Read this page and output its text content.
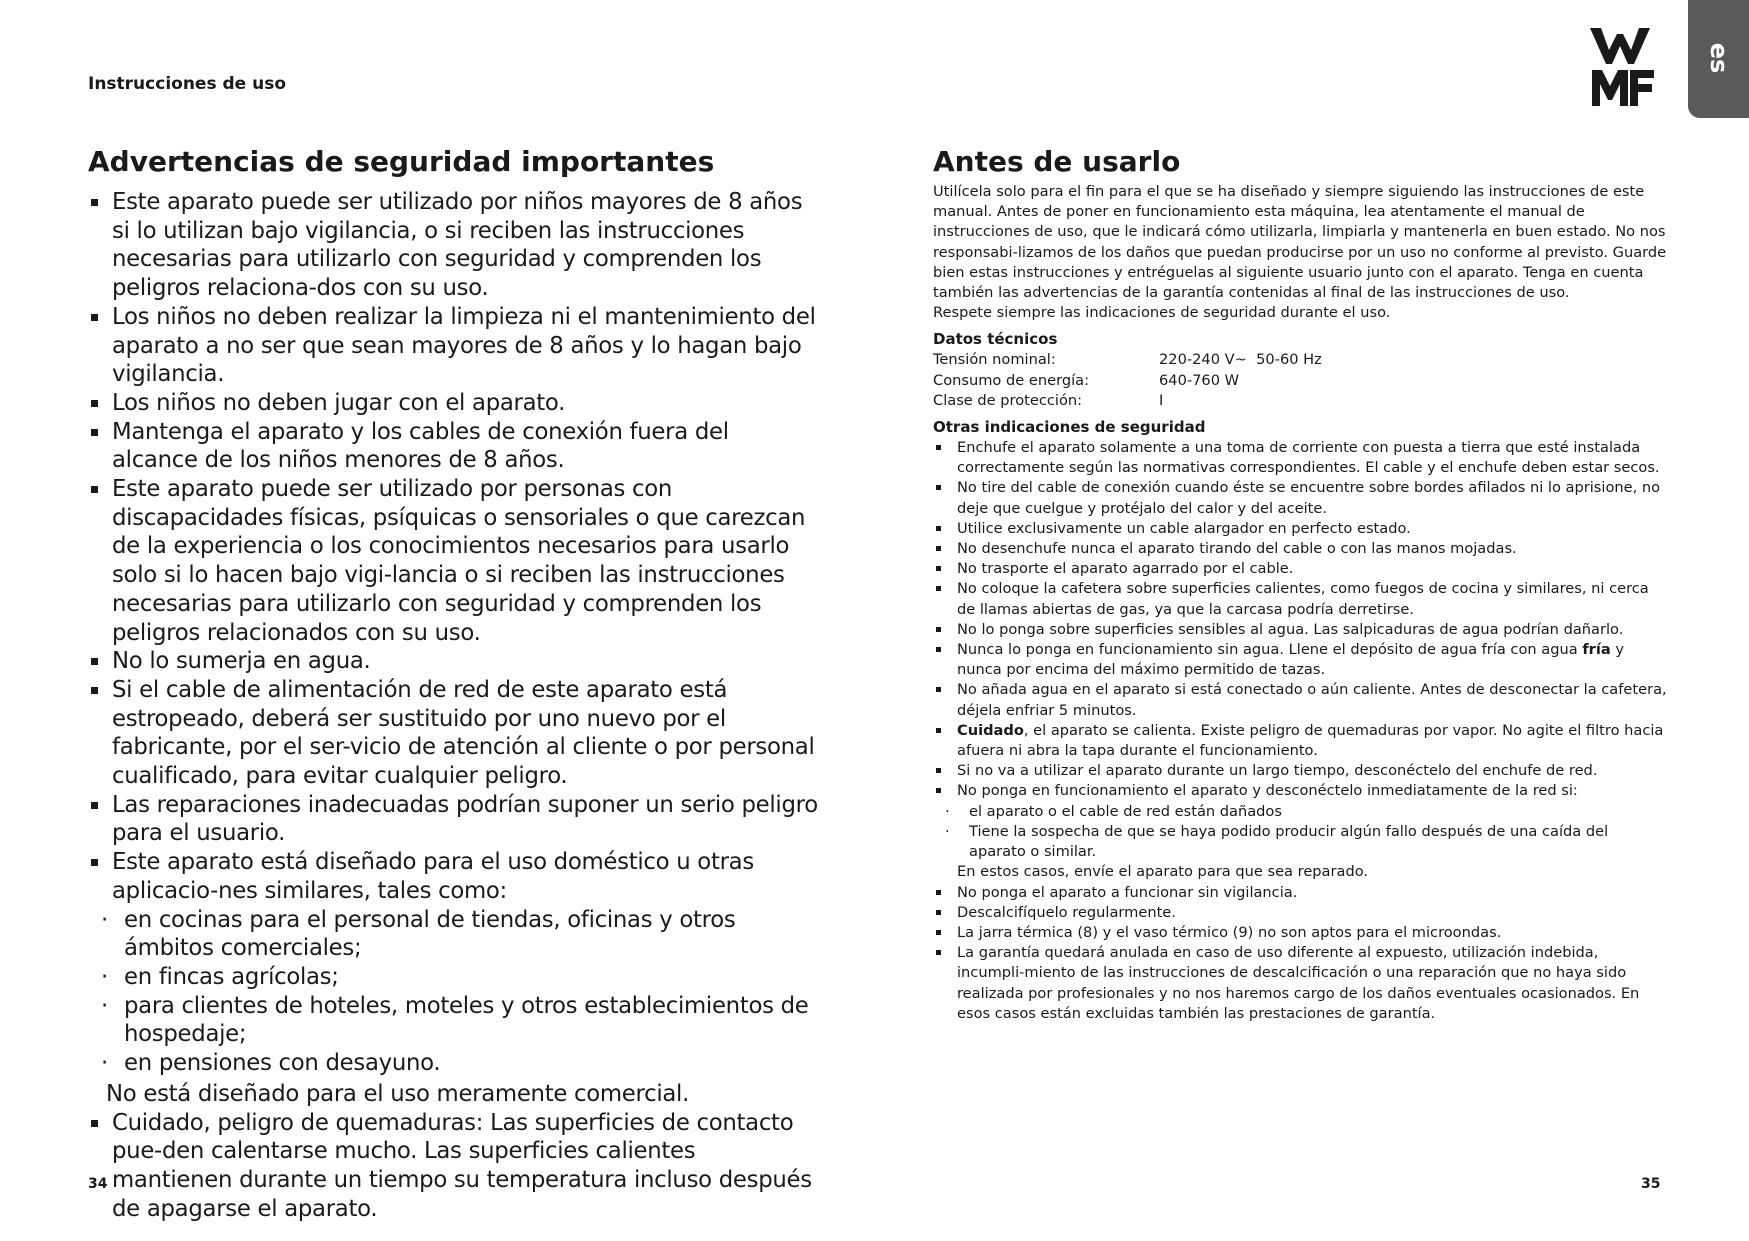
Instrucciones de uso
es
Advertencias de seguridad importantes
Este aparato puede ser utilizado por niños mayores de 8 años si lo utilizan bajo vigilancia, o si reciben las instrucciones necesarias para utilizarlo con seguridad y comprenden los peligros relaciona-dos con su uso.
Los niños no deben realizar la limpieza ni el mantenimiento del aparato a no ser que sean mayores de 8 años y lo hagan bajo vigilancia.
Los niños no deben jugar con el aparato.
Mantenga el aparato y los cables de conexión fuera del alcance de los niños menores de 8 años.
Este aparato puede ser utilizado por personas con discapacidades físicas, psíquicas o sensoriales o que carezcan de la experiencia o los conocimientos necesarios para usarlo solo si lo hacen bajo vigi-lancia o si reciben las instrucciones necesarias para utilizarlo con seguridad y comprenden los peligros relacionados con su uso.
No lo sumerja en agua.
Si el cable de alimentación de red de este aparato está estropeado, deberá ser sustituido por uno nuevo por el fabricante, por el ser-vicio de atención al cliente o por personal cualificado, para evitar cualquier peligro.
Las reparaciones inadecuadas podrían suponer un serio peligro para el usuario.
Este aparato está diseñado para el uso doméstico u otras aplicacio-nes similares, tales como:
· en cocinas para el personal de tiendas, oficinas y otros ámbitos comerciales;
· en fincas agrícolas;
· para clientes de hoteles, moteles y otros establecimientos de hospedaje;
· en pensiones con desayuno.
No está diseñado para el uso meramente comercial.
Cuidado, peligro de quemaduras: Las superficies de contacto pue-den calentarse mucho. Las superficies calientes mantienen durante un tiempo su temperatura incluso después de apagarse el aparato.
34
Antes de usarlo

Utilícela solo para el fin para el que se ha diseñado y siempre siguiendo las instrucciones de este manual. Antes de poner en funcionamiento esta máquina, lea atentamente el manual de instrucciones de uso, que le indicará cómo utilizarla, limpiarla y mantenerla en buen estado. No nos responsabi-lizamos de los daños que puedan producirse por un uso no conforme al previsto. Guarde bien estas instrucciones y entréguelas al siguiente usuario junto con el aparato. Tenga en cuenta también las advertencias de la garantía contenidas al final de las instrucciones de uso.

Respete siempre las indicaciones de seguridad durante el uso.

Datos técnicos
Tensión nominal:	220-240 V~  50-60 Hz
Consumo de energía:	640-760 W
Clase de protección:	I
Otras indicaciones de seguridad
Enchufe el aparato solamente a una toma de corriente con puesta a tierra que esté instalada correctamente según las normativas correspondientes. El cable y el enchufe deben estar secos.
No tire del cable de conexión cuando éste se encuentre sobre bordes afilados ni lo aprisione, no deje que cuelgue y protéjalo del calor y del aceite.
Utilice exclusivamente un cable alargador en perfecto estado.
No desenchufe nunca el aparato tirando del cable o con las manos mojadas.
No trasporte el aparato agarrado por el cable.
No coloque la cafetera sobre superficies calientes, como fuegos de cocina y similares, ni cerca de llamas abiertas de gas, ya que la carcasa podría derretirse.
No lo ponga sobre superficies sensibles al agua. Las salpicaduras de agua podrían dañarlo.
Nunca lo ponga en funcionamiento sin agua. Llene el depósito de agua fría con agua fría y nunca por encima del máximo permitido de tazas.
No añada agua en el aparato si está conectado o aún caliente. Antes de desconectar la cafetera, déjela enfriar 5 minutos.
Cuidado, el aparato se calienta. Existe peligro de quemaduras por vapor. No agite el filtro hacia afuera ni abra la tapa durante el funcionamiento.
Si no va a utilizar el aparato durante un largo tiempo, desconéctelo del enchufe de red.
No ponga en funcionamiento el aparato y desconéctelo inmediatamente de la red si:
· el aparato o el cable de red están dañados
· Tiene la sospecha de que se haya podido producir algún fallo después de una caída del aparato o similar.
En estos casos, envíe el aparato para que sea reparado.
No ponga el aparato a funcionar sin vigilancia.
Descalcifíquelo regularmente.
La jarra térmica (8) y el vaso térmico (9) no son aptos para el microondas.
La garantía quedará anulada en caso de uso diferente al expuesto, utilización indebida, incumpli-miento de las instrucciones de descalcificación o una reparación que no haya sido realizada por profesionales y no nos haremos cargo de los daños eventuales ocasionados. En esos casos están excluidas también las prestaciones de garantía.
35
